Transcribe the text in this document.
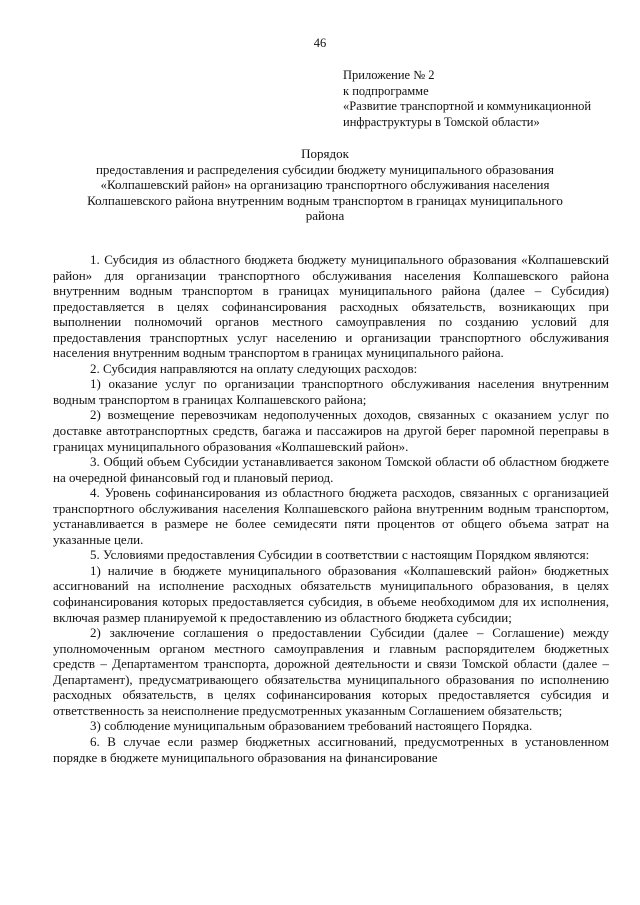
46
Приложение № 2
к подпрограмме
«Развитие транспортной и коммуникационной
инфраструктуры в Томской области»
Порядок
предоставления и распределения субсидии бюджету муниципального образования
«Колпашевский район» на организацию транспортного обслуживания населения
Колпашевского района внутренним водным транспортом в границах муниципального
района

1. Субсидия из областного бюджета бюджету муниципального образования «Колпашевский район» для организации транспортного обслуживания населения Колпашевского района внутренним водным транспортом в границах муниципального района (далее – Субсидия) предоставляется в целях софинансирования расходных обязательств, возникающих при выполнении полномочий органов местного самоуправления по созданию условий для предоставления транспортных услуг населению и организации транспортного обслуживания населения внутренним водным транспортом в границах муниципального района.

2. Субсидия направляются на оплату следующих расходов:

1) оказание услуг по организации транспортного обслуживания населения внутренним водным транспортом в границах Колпашевского района;

2) возмещение перевозчикам недополученных доходов, связанных с оказанием услуг по доставке автотранспортных средств, багажа и пассажиров на другой берег паромной переправы в границах муниципального образования «Колпашевский район».

3. Общий объем Субсидии устанавливается законом Томской области об областном бюджете на очередной финансовый год и плановый период.

4. Уровень софинансирования из областного бюджета расходов, связанных с организацией транспортного обслуживания населения Колпашевского района внутренним водным транспортом, устанавливается в размере не более семидесяти пяти процентов от общего объема затрат на указанные цели.

5. Условиями предоставления Субсидии в соответствии с настоящим Порядком являются:

1) наличие в бюджете муниципального образования «Колпашевский район» бюджетных ассигнований на исполнение расходных обязательств муниципального образования, в целях софинансирования которых предоставляется субсидия, в объеме необходимом для их исполнения, включая размер планируемой к предоставлению из областного бюджета субсидии;

2) заключение соглашения о предоставлении Субсидии (далее – Соглашение) между уполномоченным органом местного самоуправления и главным распорядителем бюджетных средств – Департаментом транспорта, дорожной деятельности и связи Томской области (далее – Департамент), предусматривающего обязательства муниципального образования по исполнению расходных обязательств, в целях софинансирования которых предоставляется субсидия и ответственность за неисполнение предусмотренных указанным Соглашением обязательств;

3) соблюдение муниципальным образованием требований настоящего Порядка.

6. В случае если размер бюджетных ассигнований, предусмотренных в установленном порядке в бюджете муниципального образования на финансирование
